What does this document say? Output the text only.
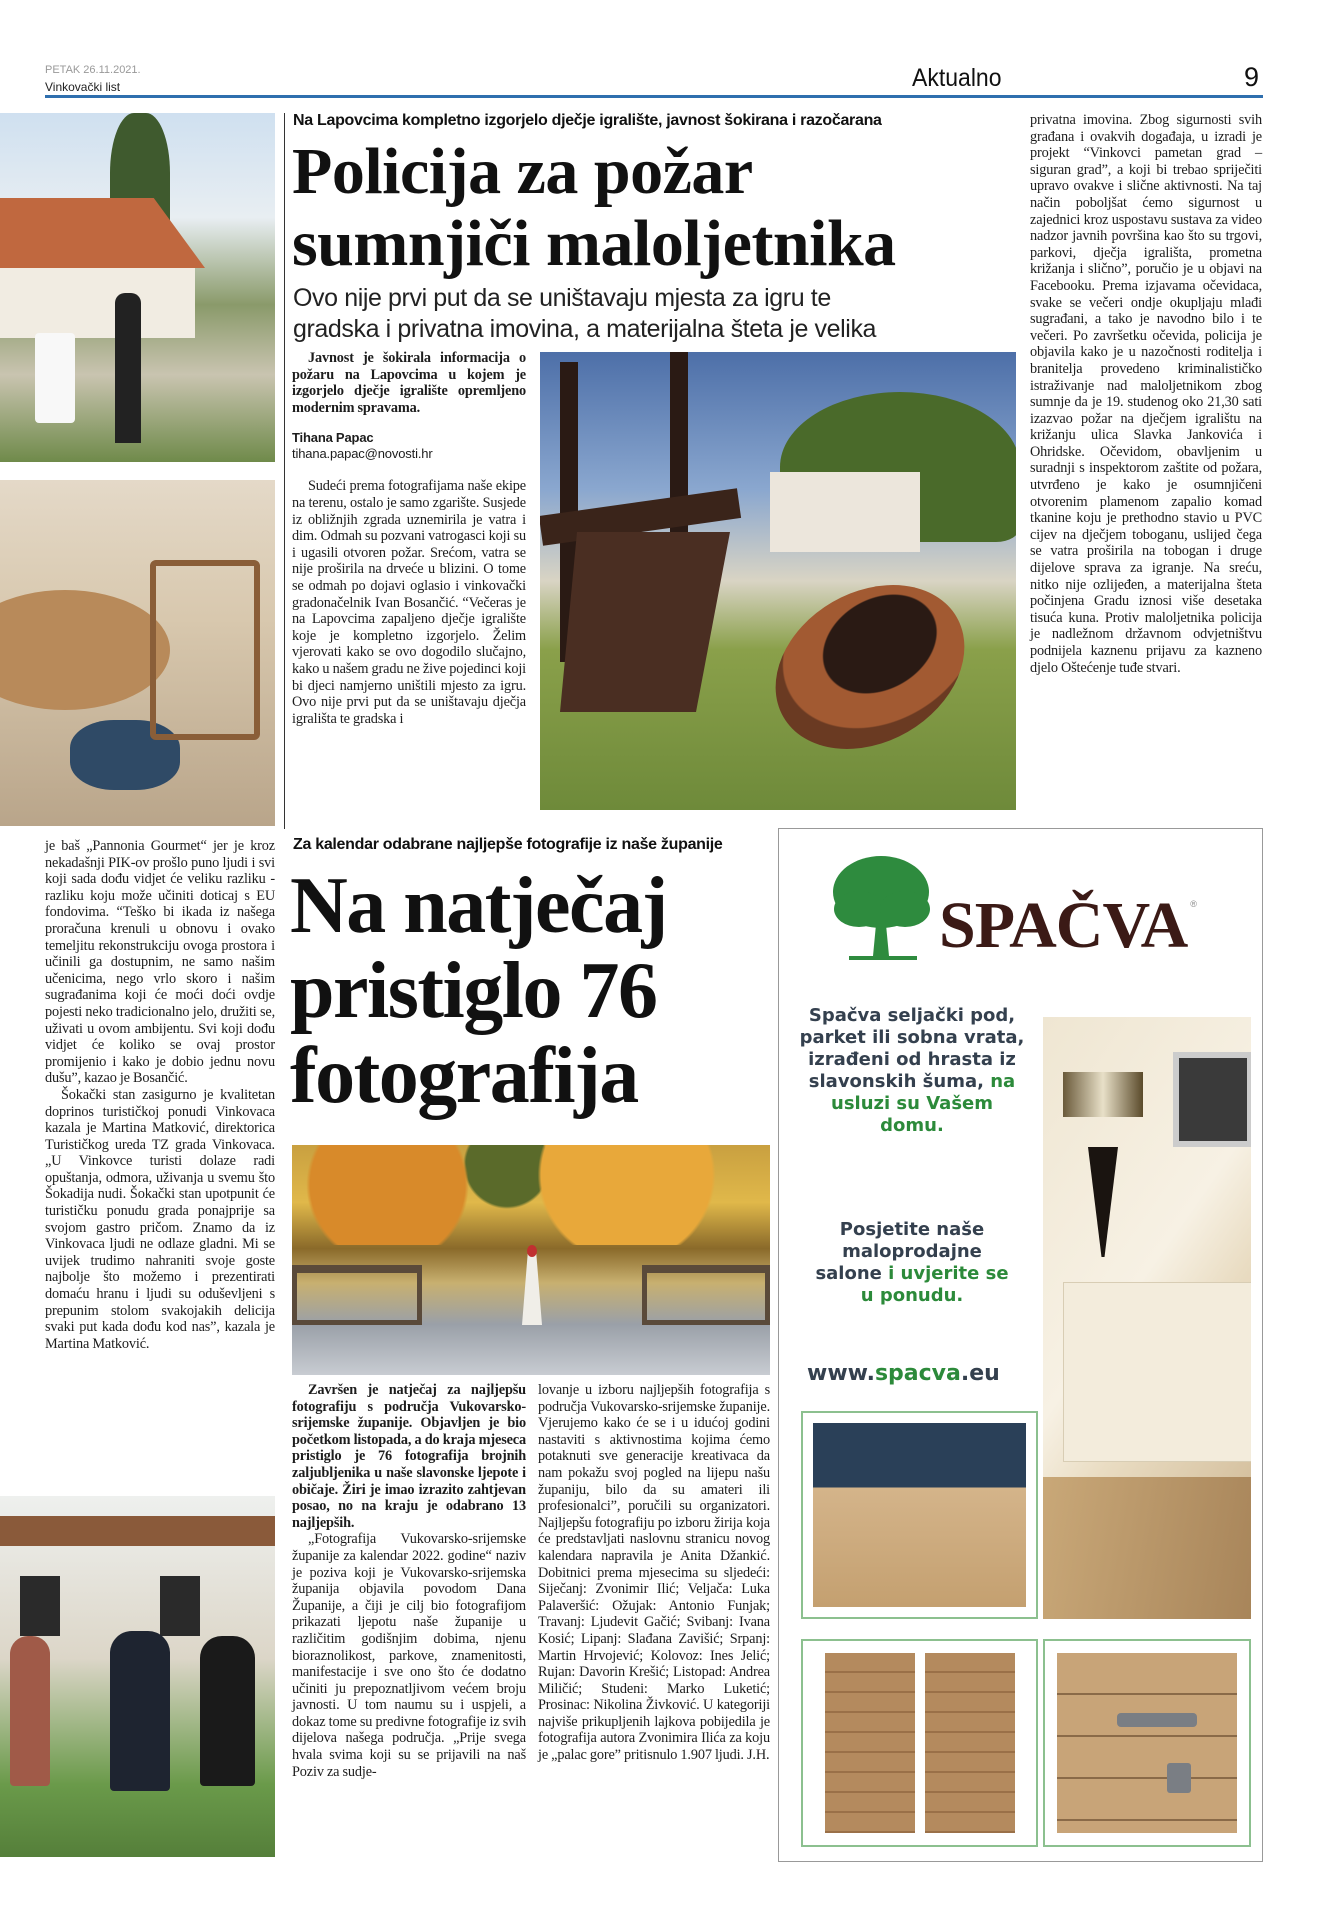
PETAK 26.11.2021.
Vinkovački list	Aktualno	9
Na Lapovcima kompletno izgorjelo dječje igralište, javnost šokirana i razočarana
Policija za požar
sumnjiči maloljetnika
Ovo nije prvi put da se uništavaju mjesta za igru te
gradska i privatna imovina, a materijalna šteta je velika

Javnost je šokirala informacija o požaru na Lapovcima u kojem je izgorjelo dječje igralište opremljeno modernim spravama.

Tihana Papac
tihana.papac@novosti.hr

Sudeći prema fotografijama naše ekipe na terenu, ostalo je samo zgarište. Susjede iz obližnjih zgrada uznemirila je vatra i dim. Odmah su pozvani vatrogasci koji su i ugasili otvoren požar. Srećom, vatra se nije proširila na drveće u blizini. O tome se odmah po dojavi oglasio i vinkovački gradonačelnik Ivan Bosančić. “Večeras je na Lapovcima zapaljeno dječje igralište koje je kompletno izgorjelo. Želim vjerovati kako se ovo dogodilo slučajno, kako u našem gradu ne žive pojedinci koji bi djeci namjerno uništili mjesto za igru. Ovo nije prvi put da se uništavaju dječja igrališta te gradska i

privatna imovina. Zbog sigurnosti svih građana i ovakvih događaja, u izradi je projekt “Vinkovci pametan grad – siguran grad”, a koji bi trebao spriječiti upravo ovakve i slične aktivnosti. Na taj način poboljšat ćemo sigurnost u zajednici kroz uspostavu sustava za video nadzor javnih površina kao što su trgovi, parkovi, dječja igrališta, prometna križanja i slično”, poručio je u objavi na Facebooku. Prema izjavama očevidaca, svake se večeri ondje okupljaju mlađi sugrađani, a tako je navodno bilo i te večeri. Po završetku očevida, policija je objavila kako je u nazočnosti roditelja i branitelja provedeno kriminalističko istraživanje nad maloljetnikom zbog sumnje da je 19. studenog oko 21,30 sati izazvao požar na dječjem igralištu na križanju ulica Slavka Jankovića i Ohridske. Očevidom, obavljenim u suradnji s inspektorom zaštite od požara, utvrđeno je kako je osumnjičeni otvorenim plamenom zapalio komad tkanine koju je prethodno stavio u PVC cijev na dječjem toboganu, uslijed čega se vatra proširila na tobogan i druge dijelove sprava za igranje. Na sreću, nitko nije ozlijeđen, a materijalna šteta počinjena Gradu iznosi više desetaka tisuća kuna. Protiv maloljetnika policija je nadležnom državnom odvjetništvu podnijela kaznenu prijavu za kazneno djelo Oštećenje tuđe stvari.

je baš „Pannonia Gourmet“ jer je kroz nekadašnji PIK-ov prošlo puno ljudi i svi koji sada dođu vidjet će veliku razliku - razliku koju može učiniti doticaj s EU fondovima. “Teško bi ikada iz našega proračuna krenuli u obnovu i ovako temeljitu rekonstrukciju ovoga prostora i učinili ga dostupnim, ne samo našim učenicima, nego vrlo skoro i našim sugrađanima koji će moći doći ovdje pojesti neko tradicionalno jelo, družiti se, uživati u ovom ambijentu. Svi koji dođu vidjet će koliko se ovaj prostor promijenio i kako je dobio jednu novu dušu”, kazao je Bosančić.

Šokački stan zasigurno je kvalitetan doprinos turističkoj ponudi Vinkovaca kazala je Martina Matković, direktorica Turističkog ureda TZ grada Vinkovaca. „U Vinkovce turisti dolaze radi opuštanja, odmora, uživanja u svemu što Šokadija nudi. Šokački stan upotpunit će turističku ponudu grada ponajprije sa svojom gastro pričom. Znamo da iz Vinkovaca ljudi ne odlaze gladni. Mi se uvijek trudimo nahraniti svoje goste najbolje što možemo i prezentirati domaću hranu i ljudi su oduševljeni s prepunim stolom svakojakih delicija svaki put kada dođu kod nas”, kazala je Martina Matković.

Za kalendar odabrane najljepše fotografije iz naše županije
Na natječaj
pristiglo 76
fotografija

Završen je natječaj za najljepšu fotografiju s područja Vukovarsko-srijemske županije. Objavljen je bio početkom listopada, a do kraja mjeseca pristiglo je 76 fotografija brojnih zaljubljenika u naše slavonske ljepote i običaje. Žiri je imao izrazito zahtjevan posao, no na kraju je odabrano 13 najljepših.

„Fotografija Vukovarsko-srijemske županije za kalendar 2022. godine“ naziv je poziva koji je Vukovarsko-srijemska županija objavila povodom Dana Županije, a čiji je cilj bio fotografijom prikazati ljepotu naše županije u različitim godišnjim dobima, njenu bioraznolikost, parkove, znamenitosti, manifestacije i sve ono što će dodatno učiniti ju prepoznatljivom većem broju javnosti. U tom naumu su i uspjeli, a dokaz tome su predivne fotografije iz svih dijelova našega područja. „Prije svega hvala svima koji su se prijavili na naš Poziv za sudje-

lovanje u izboru najljepših fotografija s područja Vukovarsko-srijemske županije. Vjerujemo kako će se i u idućoj godini nastaviti s aktivnostima kojima ćemo potaknuti sve generacije kreativaca da nam pokažu svoj pogled na lijepu našu županiju, bilo da su amateri ili profesionalci”, poručili su organizatori. Najljepšu fotografiju po izboru žirija koja će predstavljati naslovnu stranicu novog kalendara napravila je Anita Džankić. Dobitnici prema mjesecima su sljedeći: Siječanj: Zvonimir Ilić; Veljača: Luka Palaveršić: Ožujak: Antonio Funjak; Travanj: Ljudevit Gačić; Svibanj: Ivana Kosić; Lipanj: Slađana Zavišić; Srpanj: Martin Hrvojević; Kolovoz: Ines Jelić; Rujan: Davorin Krešić; Listopad: Andrea Miličić; Studeni: Marko Luketić; Prosinac: Nikolina Živković. U kategoriji najviše prikupljenih lajkova pobijedila je fotografija autora Zvonimira Ilića za koju je „palac gore” pritisnulo 1.907 ljudi. J.H.

SPAČVA ®
Spačva seljački pod, parket ili sobna vrata, izrađeni od hrasta iz slavonskih šuma, na usluzi su Vašem domu.
Posjetite naše maloprodajne salone i uvjerite se u ponudu.
www.spacva.eu
